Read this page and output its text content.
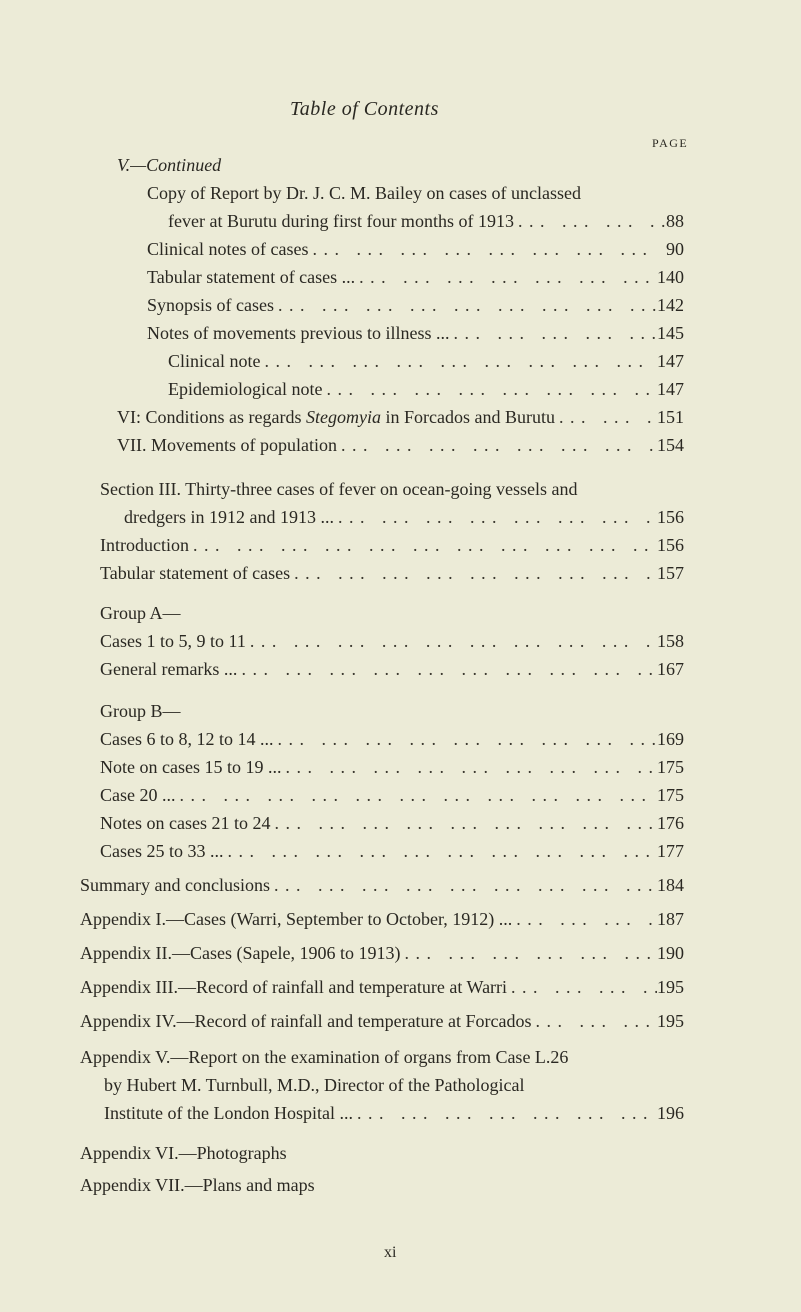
Table of Contents
PAGE
V.—Continued
Copy of Report by Dr. J. C. M. Bailey on cases of unclassed
fever at Burutu during first four months of 1913 . . .	88
Clinical notes of cases . . .	90
Tabular statement of cases ... . . .	140
Synopsis of cases . . .	142
Notes of movements previous to illness ... . . .	145
Clinical note . . .	147
Epidemiological note . . .	147
VI: Conditions as regards Stegomyia in Forcados and Burutu . . .	151
VII. Movements of population . . .	154
Section III. Thirty-three cases of fever on ocean-going vessels and
dredgers in 1912 and 1913 ... . . .	156
Introduction . . .	156
Tabular statement of cases . . .	157
Group A—
Cases 1 to 5, 9 to 11 . . .	158
General remarks ... . . .	167
Group B—
Cases 6 to 8, 12 to 14 ... . . .	169
Note on cases 15 to 19 ... . . .	175
Case 20 ... . . .	175
Notes on cases 21 to 24 . . .	176
Cases 25 to 33 ... . . .	177
Summary and conclusions . . .	184
Appendix I.—Cases (Warri, September to October, 1912) ... . . .	187
Appendix II.—Cases (Sapele, 1906 to 1913) . . .	190
Appendix III.—Record of rainfall and temperature at Warri . . .	195
Appendix IV.—Record of rainfall and temperature at Forcados . . .	195
Appendix V.—Report on the examination of organs from Case L.26
by Hubert M. Turnbull, M.D., Director of the Pathological
Institute of the London Hospital ... . . .	196
Appendix VI.—Photographs
Appendix VII.—Plans and maps
xi
